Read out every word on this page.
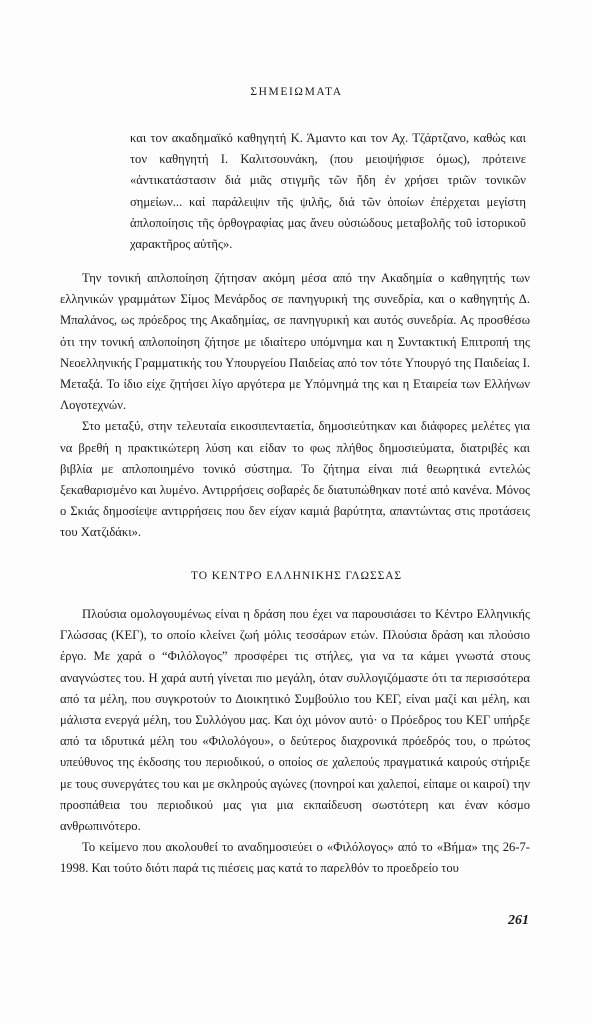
ΣΗΜΕΙΩΜΑΤΑ

και τον ακαδημαϊκό καθηγητή Κ. Άμαντο και τον Αχ. Τζάρτζανο, καθώς και τον καθηγητή Ι. Καλιτσουνάκη, (που μειοψήφισε όμως), πρότεινε «ἀντικατάστασιν διά μιᾶς στιγμῆς τῶν ἤδη ἐν χρήσει τριῶν τονικῶν σημείων... καί παράλειψιν τῆς ψιλῆς, διά τῶν ὁποίων ἐπέρχεται μεγίστη ἁπλοποίησις τῆς ὀρθογραφίας μας ἄνευ οὐσιώδους μεταβολῆς τοῦ ἱστορικοῦ χαρακτῆρος αὐτῆς».

Την τονική απλοποίηση ζήτησαν ακόμη μέσα από την Ακαδημία ο καθηγητής των ελληνικών γραμμάτων Σίμος Μενάρδος σε πανηγυρική της συνεδρία, και ο καθηγητής Δ. Μπαλάνος, ως πρόεδρος της Ακαδημίας, σε πανηγυρική και αυτός συνεδρία. Ας προσθέσω ότι την τονική απλοποίηση ζήτησε με ιδιαίτερο υπόμνημα και η Συντακτική Επιτροπή της Νεοελληνικής Γραμματικής του Υπουργείου Παιδείας από τον τότε Υπουργό της Παιδείας Ι. Μεταξά. Το ίδιο είχε ζητήσει λίγο αργότερα με Υπόμνημά της και η Εταιρεία των Ελλήνων Λογοτεχνών.

Στο μεταξύ, στην τελευταία εικοσιπενταετία, δημοσιεύτηκαν και διάφορες μελέτες για να βρεθή η πρακτικώτερη λύση και είδαν το φως πλήθος δημοσιεύματα, διατριβές και βιβλία με απλοποιημένο τονικό σύστημα. Το ζήτημα είναι πιά θεωρητικά εντελώς ξεκαθαρισμένο και λυμένο. Αντιρρήσεις σοβαρές δε διατυπώθηκαν ποτέ από κανένα. Μόνος ο Σκιάς δημοσίεψε αντιρρήσεις που δεν είχαν καμιά βαρύτητα, απαντώντας στις προτάσεις του Χατζιδάκι».

ΤΟ ΚΕΝΤΡΟ ΕΛΛΗΝΙΚΗΣ ΓΛΩΣΣΑΣ

Πλούσια ομολογουμένως είναι η δράση που έχει να παρουσιάσει το Κέντρο Ελληνικής Γλώσσας (ΚΕΓ), το οποίο κλείνει ζωή μόλις τεσσάρων ετών. Πλούσια δράση και πλούσιο έργο. Με χαρά ο “Φιλόλογος” προσφέρει τις στήλες, για να τα κάμει γνωστά στους αναγνώστες του. Η χαρά αυτή γίνεται πιο μεγάλη, όταν συλλογιζόμαστε ότι τα περισσότερα από τα μέλη, που συγκροτούν το Διοικητικό Συμβούλιο του ΚΕΓ, είναι μαζί και μέλη, και μάλιστα ενεργά μέλη, του Συλλόγου μας. Και όχι μόνον αυτό· ο Πρόεδρος του ΚΕΓ υπήρξε από τα ιδρυτικά μέλη του «Φιλολόγου», ο δεύτερος διαχρονικά πρόεδρός του, ο πρώτος υπεύθυνος της έκδοσης του περιοδικού, ο οποίος σε χαλεπούς πραγματικά καιρούς στήριξε με τους συνεργάτες του και με σκληρούς αγώνες (πονηροί και χαλεποί, είπαμε οι καιροί) την προσπάθεια του περιοδικού μας για μια εκπαίδευση σωστότερη και έναν κόσμο ανθρωπινότερο.

Το κείμενο που ακολουθεί το αναδημοσιεύει ο «Φιλόλογος» από το «Βήμα» της 26-7-1998. Και τούτο διότι παρά τις πιέσεις μας κατά το παρελθόν το προεδρείο του

261
